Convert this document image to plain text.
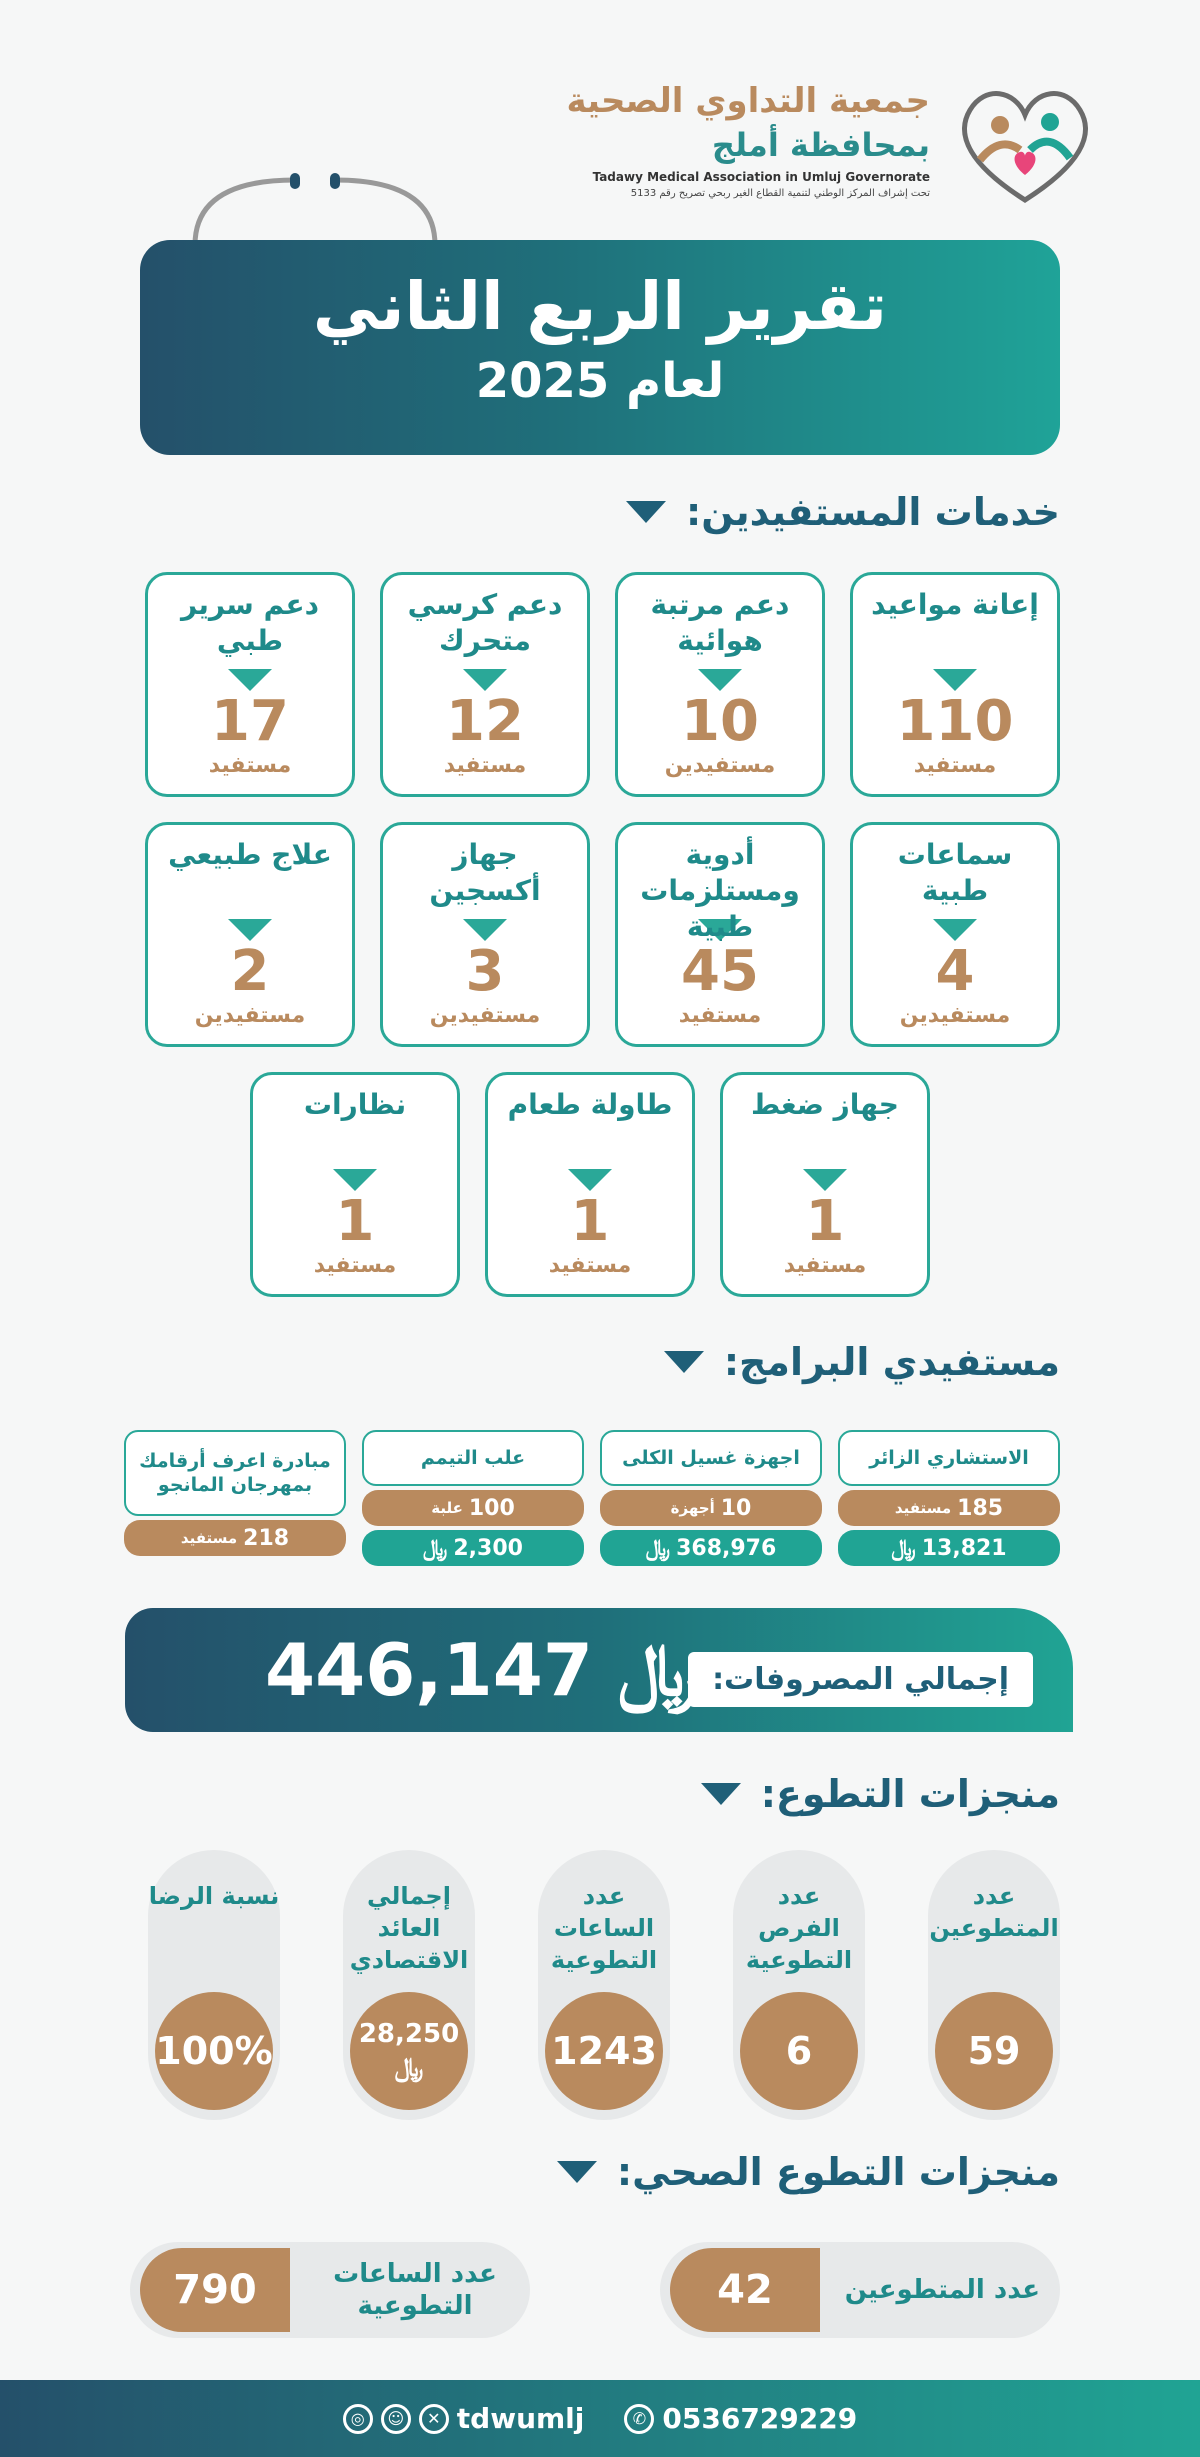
جمعية التداوي الصحية
بمحافظة أملج
Tadawy Medical Association in Umluj Governorate
تحت إشراف المركز الوطني لتنمية القطاع الغير ربحي تصريح رقم 5133
تقرير الربع الثاني
لعام 2025
خدمات المستفيدين:
إعانة مواعيد
110
مستفيد
دعم مرتبة هوائية
10
مستفيدين
دعم كرسي متحرك
12
مستفيد
دعم سرير طبي
17
مستفيد
سماعات طبية
4
مستفيدين
أدوية ومستلزمات طبية
45
مستفيد
جهاز أكسجين
3
مستفيدين
علاج طبيعي
2
مستفيدين
جهاز ضغط
1
مستفيد
طاولة طعام
1
مستفيد
نظارات
1
مستفيد
مستفيدي البرامج:
الاستشاري الزائر
185
مستفيد
﷼ 13,821
اجهزة غسيل الكلى
10
أجهزة
﷼ 368,976
علب التيمم
100
علبة
﷼ 2,300
مبادرة اعرف أرقامك بمهرجان المانجو
218
مستفيد
إجمالي المصروفات:
﷼ 446,147
منجزات التطوع:
عدد المتطوعين
59
عدد الفرص التطوعية
6
عدد الساعات التطوعية
1243
إجمالي العائد الاقتصادي
28,250
﷼
نسبة الرضا
100%
منجزات التطوع الصحي:
عدد المتطوعين
42
عدد الساعات التطوعية
790
◎	☺	✕ tdwumlj	✆ 0536729229
